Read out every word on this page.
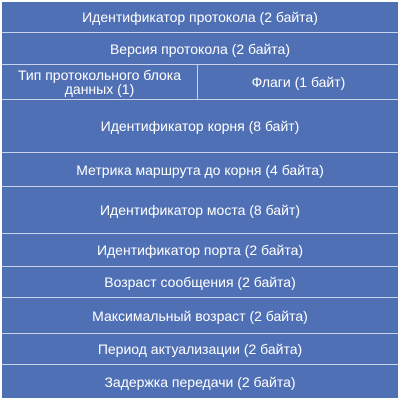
Идентификатор протокола (2 байта)
Версия протокола (2 байта)
Тип протокольного блока данных (1)	Флаги (1 байт)
Идентификатор корня (8 байт)
Метрика маршрута до корня (4 байта)
Идентификатор моста (8 байт)
Идентификатор порта (2 байта)
Возраст сообщения (2 байта)
Максимальный возраст (2 байта)
Период актуализации (2 байта)
Задержка передачи (2 байта)
